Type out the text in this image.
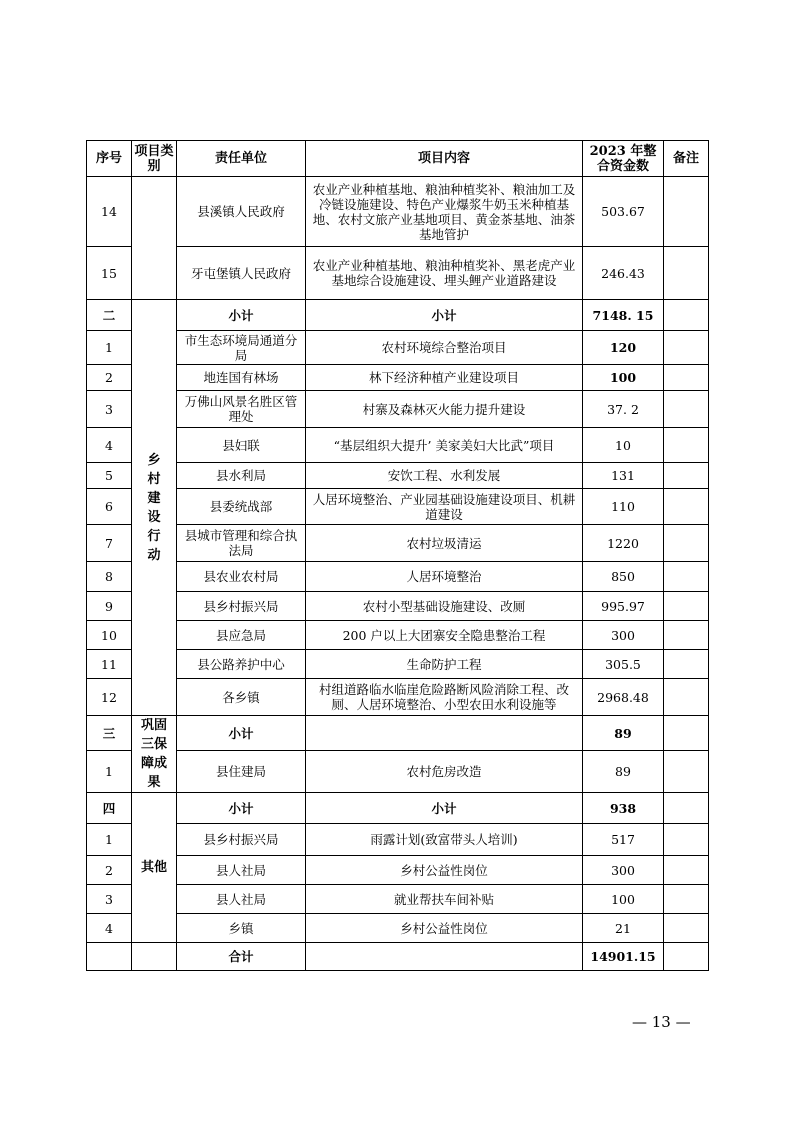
序号	项目类别	责任单位	项目内容	2023 年整合资金数	备注
14		县溪镇人民政府	农业产业种植基地、粮油种植奖补、粮油加工及冷链设施建设、特色产业爆浆牛奶玉米种植基地、农村文旅产业基地项目、黄金茶基地、油茶基地管护	503.67	
15		牙屯堡镇人民政府	农业产业种植基地、粮油种植奖补、黑老虎产业基地综合设施建设、埋头鲤产业道路建设	246.43	
二	乡村建设行动	小计	小计	7148. 15	
1		市生态环境局通道分局	农村环境综合整治项目	120	
2		地连国有林场	林下经济种植产业建设项目	100	
3		万佛山风景名胜区管理处	村寨及森林灭火能力提升建设	37. 2	
4		县妇联	“基层组织大提升’ 美家美妇大比武”项目	10	
5		县水利局	安饮工程、水利发展	131	
6		县委统战部	人居环境整治、产业园基础设施建设项目、机耕道建设	110	
7		县城市管理和综合执法局	农村垃圾清运	1220	
8		县农业农村局	人居环境整治	850	
9		县乡村振兴局	农村小型基础设施建设、改厕	995.97	
10		县应急局	200 户以上大团寨安全隐患整治工程	300	
11		县公路养护中心	生命防护工程	305.5	
12		各乡镇	村组道路临水临崖危险路断风险消除工程、改厕、人居环境整治、小型农田水利设施等	2968.48	
三	巩固三保障成果	小计		89	
1		县住建局	农村危房改造	89	
四	其他	小计	小计	938	
1		县乡村振兴局	雨露计划(致富带头人培训)	517	
2		县人社局	乡村公益性岗位	300	
3		县人社局	就业帮扶车间补贴	100	
4		乡镇	乡村公益性岗位	21	
		合计		14901.15	
— 13 —
